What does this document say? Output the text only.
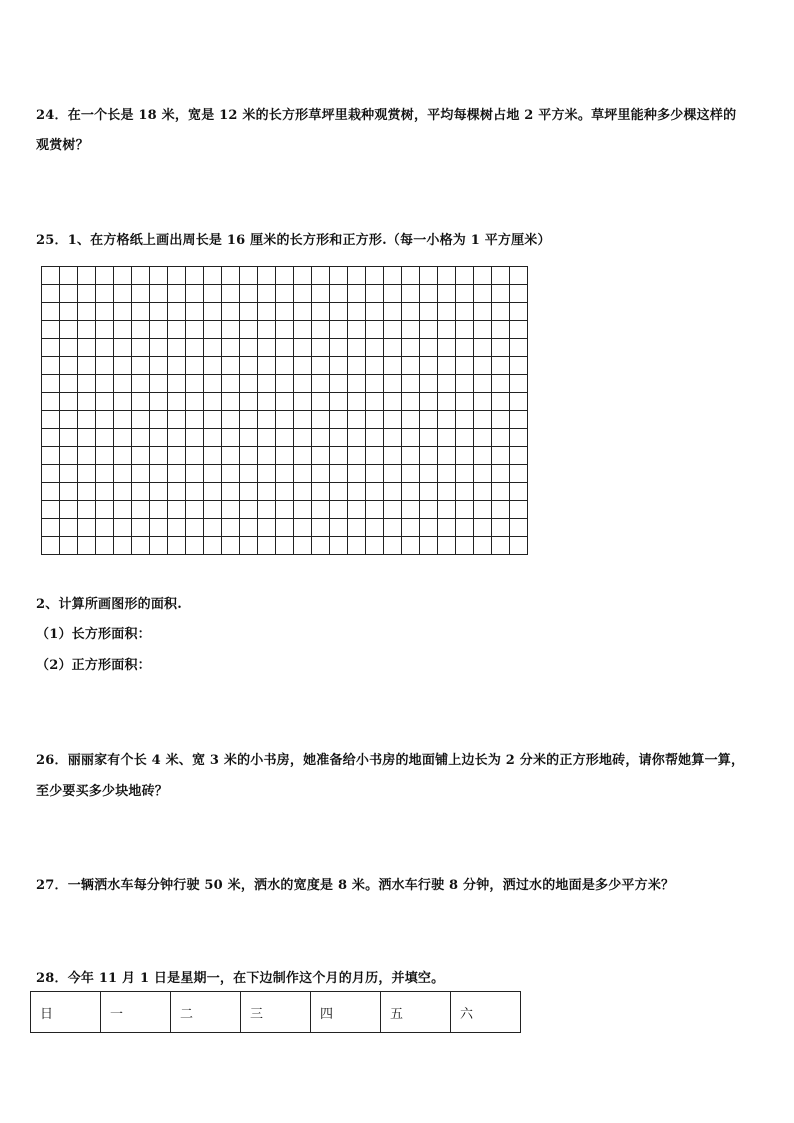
24．在一个长是 18 米，宽是 12 米的长方形草坪里栽种观赏树，平均每棵树占地 2 平方米。草坪里能种多少棵这样的
观赏树？
25．1、在方格纸上画出周长是 16 厘米的长方形和正方形.（每一小格为 1 平方厘米）

2、计算所画图形的面积.
（1）长方形面积：
（2）正方形面积：
26．丽丽家有个长 4 米、宽 3 米的小书房，她准备给小书房的地面铺上边长为 2 分米的正方形地砖，请你帮她算一算，
至少要买多少块地砖？
27．一辆洒水车每分钟行驶 50 米，洒水的宽度是 8 米。洒水车行驶 8 分钟，洒过水的地面是多少平方米？
28．今年 11 月 1 日是星期一，在下边制作这个月的月历，并填空。
日	一	二	三	四	五	六
